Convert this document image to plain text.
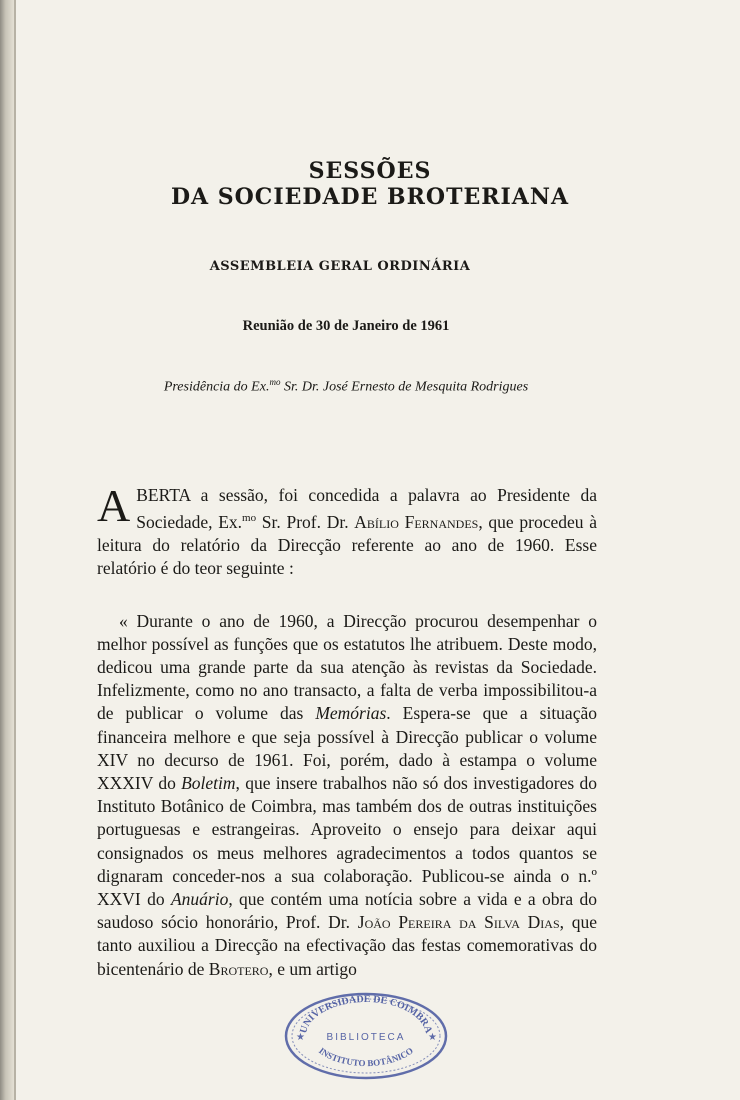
SESSÕES
DA SOCIEDADE BROTERIANA
ASSEMBLEIA GERAL ORDINÁRIA
Reunião de 30 de Janeiro de 1961
Presidência do Ex.$^{mo}$ Sr. Dr. José Ernesto de Mesquita Rodrigues

ABERTA a sessão, foi concedida a palavra ao Presidente da Sociedade, Ex.$^{mo}$ Sr. Prof. Dr. Abílio Fernandes, que procedeu à leitura do relatório da Direcção referente ao ano de 1960. Esse relatório é do teor seguinte :

« Durante o ano de 1960, a Direcção procurou desempenhar o melhor possível as funções que os estatutos lhe atribuem. Deste modo, dedicou uma grande parte da sua atenção às revistas da Sociedade. Infelizmente, como no ano transacto, a falta de verba impossibilitou-a de publicar o volume das Memórias. Espera-se que a situação financeira melhore e que seja possível à Direcção publicar o volume XIV no decurso de 1961. Foi, porém, dado à estampa o volume XXXIV do Boletim, que insere trabalhos não só dos investigadores do Instituto Botânico de Coimbra, mas também dos de outras instituições portuguesas e estrangeiras. Aproveito o ensejo para deixar aqui consignados os meus melhores agradecimentos a todos quantos se dignaram conceder-nos a sua colaboração. Publicou-se ainda o n.º XXVI do Anuário, que contém uma notícia sobre a vida e a obra do saudoso sócio honorário, Prof. Dr. João Pereira da Silva Dias, que tanto auxiliou a Direcção na efectivação das festas comemorativas do bicentenário de Brotero, e um artigo

UNIVERSIDADE DE COIMBRA
BIBLIOTECA
INSTITUTO BOTÂNICO
★	★
